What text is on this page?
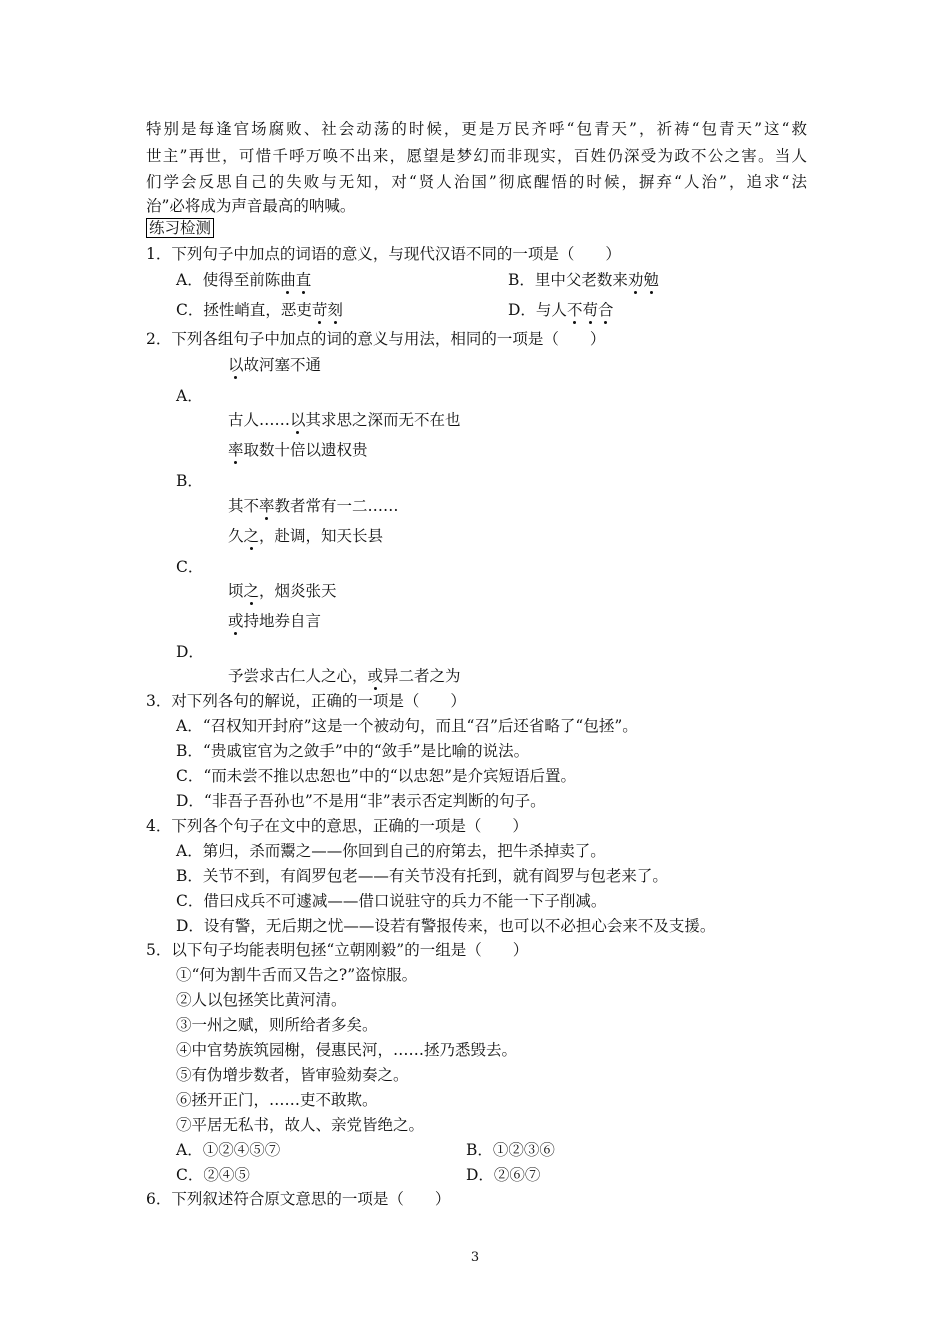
特别是每逢官场腐败、社会动荡的时候，更是万民齐呼“包青天”，祈祷“包青天”这“救
世主”再世，可惜千呼万唤不出来，愿望是梦幻而非现实，百姓仍深受为政不公之害。当人
们学会反思自己的失败与无知，对“贤人治国”彻底醒悟的时候，摒弃“人治”，追求“法
治”必将成为声音最高的呐喊。
练习检测
1．下列句子中加点的词语的意义，与现代汉语不同的一项是（　　）
A．使得至前陈曲直	B．里中父老数来劝勉
C．拯性峭直，恶吏苛刻	D．与人不苟合
2．下列各组句子中加点的词的意义与用法，相同的一项是（　　）
以故河塞不通
A．
古人……以其求思之深而无不在也
率取数十倍以遗权贵
B．
其不率教者常有一二……
久之，赴调，知天长县
C．
顷之，烟炎张天
或持地券自言
D．
予尝求古仁人之心，或异二者之为
3．对下列各句的解说，正确的一项是（　　）
A．“召权知开封府”这是一个被动句，而且“召”后还省略了“包拯”。
B．“贵戚宦官为之敛手”中的“敛手”是比喻的说法。
C．“而未尝不推以忠恕也”中的“以忠恕”是介宾短语后置。
D．“非吾子吾孙也”不是用“非”表示否定判断的句子。
4．下列各个句子在文中的意思，正确的一项是（　　）
A．第归，杀而鬻之——你回到自己的府第去，把牛杀掉卖了。
B．关节不到，有阎罗包老——有关节没有托到，就有阎罗与包老来了。
C．借曰戍兵不可遽减——借口说驻守的兵力不能一下子削减。
D．设有警，无后期之忧——设若有警报传来，也可以不必担心会来不及支援。
5．以下句子均能表明包拯“立朝刚毅”的一组是（　　）
①“何为割牛舌而又告之?”盗惊服。
②人以包拯笑比黄河清。
③一州之赋，则所给者多矣。
④中官势族筑园榭，侵惠民河，……拯乃悉毁去。
⑤有伪增步数者，皆审验劾奏之。
⑥拯开正门，……吏不敢欺。
⑦平居无私书，故人、亲党皆绝之。
A．①②④⑤⑦	B．①②③⑥
C．②④⑤	D．②⑥⑦
6．下列叙述符合原文意思的一项是（　　）
3
